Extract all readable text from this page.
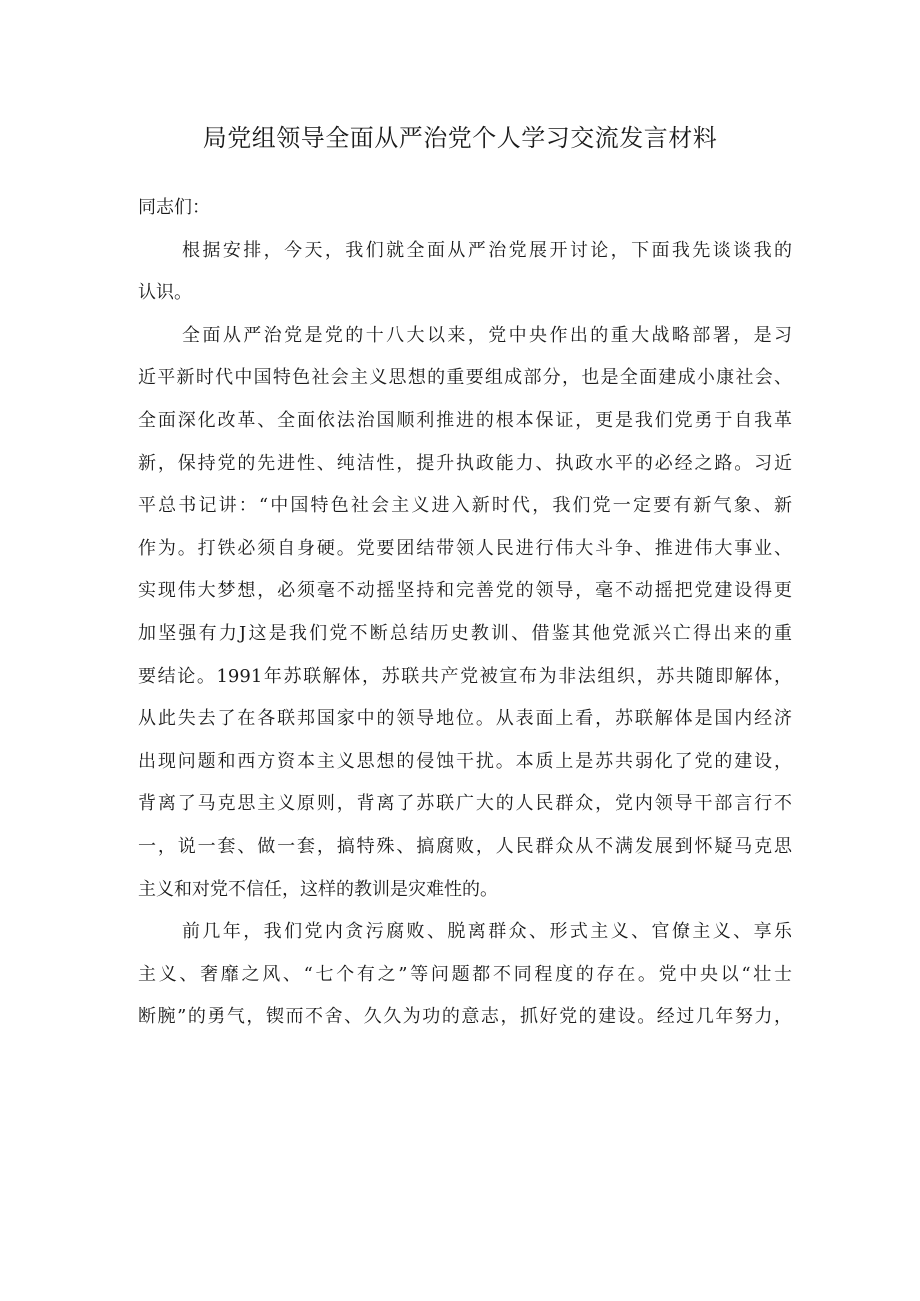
局党组领导全面从严治党个人学习交流发言材料
同志们：
根据安排，今天，我们就全面从严治党展开讨论，下面我先谈谈我的
认识。
全面从严治党是党的十八大以来，党中央作出的重大战略部署，是习
近平新时代中国特色社会主义思想的重要组成部分，也是全面建成小康社会、
全面深化改革、全面依法治国顺利推进的根本保证，更是我们党勇于自我革
新，保持党的先进性、纯洁性，提升执政能力、执政水平的必经之路。习近
平总书记讲：“中国特色社会主义进入新时代，我们党一定要有新气象、新
作为。打铁必须自身硬。党要团结带领人民进行伟大斗争、推进伟大事业、
实现伟大梦想，必须毫不动摇坚持和完善党的领导，毫不动摇把党建设得更
加坚强有力J这是我们党不断总结历史教训、借鉴其他党派兴亡得出来的重
要结论。1991年苏联解体，苏联共产党被宣布为非法组织，苏共随即解体，
从此失去了在各联邦国家中的领导地位。从表面上看，苏联解体是国内经济
出现问题和西方资本主义思想的侵蚀干扰。本质上是苏共弱化了党的建设，
背离了马克思主义原则，背离了苏联广大的人民群众，党内领导干部言行不
一，说一套、做一套，搞特殊、搞腐败，人民群众从不满发展到怀疑马克思
主义和对党不信任，这样的教训是灾难性的。
前几年，我们党内贪污腐败、脱离群众、形式主义、官僚主义、享乐
主义、奢靡之风、“七个有之”等问题都不同程度的存在。党中央以“壮士
断腕”的勇气，锲而不舍、久久为功的意志，抓好党的建设。经过几年努力，
